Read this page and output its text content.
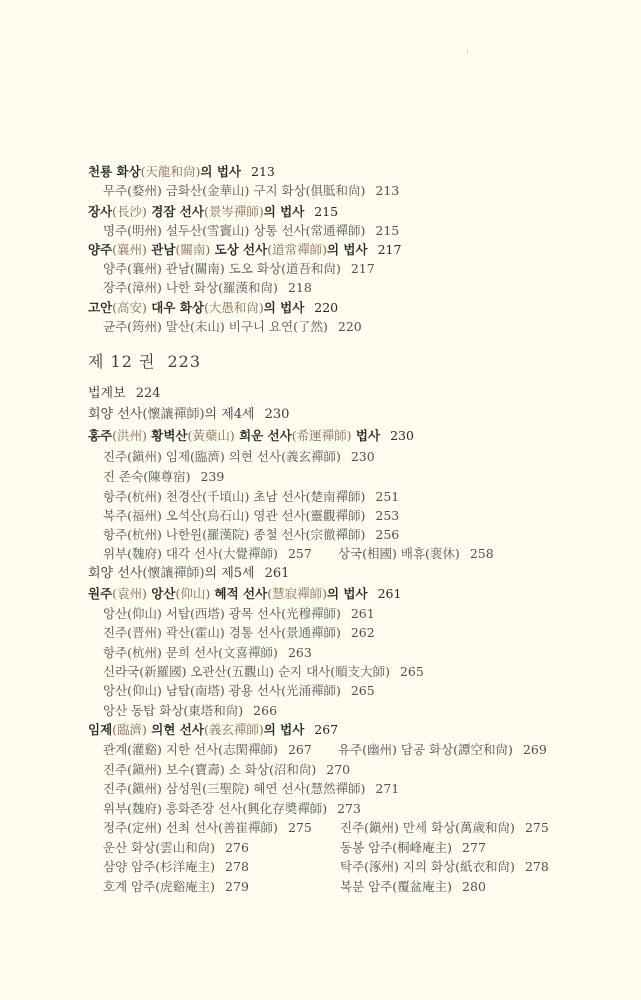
제 12 권 223
천룡 화상(天龍和尙)의 법사 213
무주(婺州) 금화산(金華山) 구지 화상(俱胝和尙) 213
장사(長沙) 경잠 선사(景岑禪師)의 법사 215
명주(明州) 설두산(雪竇山) 상통 선사(常通禪師) 215
양주(襄州) 관남(關南) 도상 선사(道常禪師)의 법사 217
양주(襄州) 관남(關南) 도오 화상(道吾和尙) 217
장주(漳州) 나한 화상(羅漢和尙) 218
고안(高安) 대우 화상(大愚和尙)의 법사 220
균주(筠州) 말산(末山) 비구니 요연(了然) 220
법계보 224
회양 선사(懷讓禪師)의 제4세 230
홍주(洪州) 황벽산(黃蘗山) 희운 선사(希運禪師) 법사 230
진주(鎭州) 임제(臨濟) 의현 선사(義玄禪師) 230
진 존숙(陳尊宿) 239
항주(杭州) 천경산(千頃山) 초남 선사(楚南禪師) 251
복주(福州) 오석산(烏石山) 영관 선사(靈觀禪師) 253
항주(杭州) 나한원(羅漢院) 종철 선사(宗徹禪師) 256
위부(魏府) 대각 선사(大覺禪師) 257
회양 선사(懷讓禪師)의 제5세 261
원주(袁州) 앙산(仰山) 혜적 선사(慧寂禪師)의 법사 261
앙산(仰山) 서탑(西塔) 광목 선사(光穆禪師) 261
진주(晋州) 곽산(霍山) 경통 선사(景通禪師) 262
항주(杭州) 문희 선사(文喜禪師) 263
신라국(新羅國) 오관산(五觀山) 순지 대사(順支大師) 265
앙산(仰山) 남탑(南塔) 광용 선사(光涌禪師) 265
앙산 동탑 화상(東塔和尙) 266
임제(臨濟) 의현 선사(義玄禪師)의 법사 267
관계(灌谿) 지한 선사(志閑禪師) 267
진주(鎭州) 보수(寶壽) 소 화상(沼和尙) 270
진주(鎭州) 삼성원(三聖院) 혜연 선사(慧然禪師) 271
위부(魏府) 흥화존장 선사(興化存奬禪師) 273
정주(定州) 선최 선사(善崔禪師) 275
운산 화상(雲山和尙) 276
삼양 암주(杉洋庵主) 278
호계 암주(虎谿庵主) 279
상국(相國) 배휴(裵休) 258
유주(幽州) 담공 화상(譚空和尙) 269
진주(鎭州) 만세 화상(萬歲和尙) 275
동봉 암주(桐峰庵主) 277
탁주(涿州) 지의 화상(紙衣和尙) 278
복분 암주(覆盆庵主) 280
